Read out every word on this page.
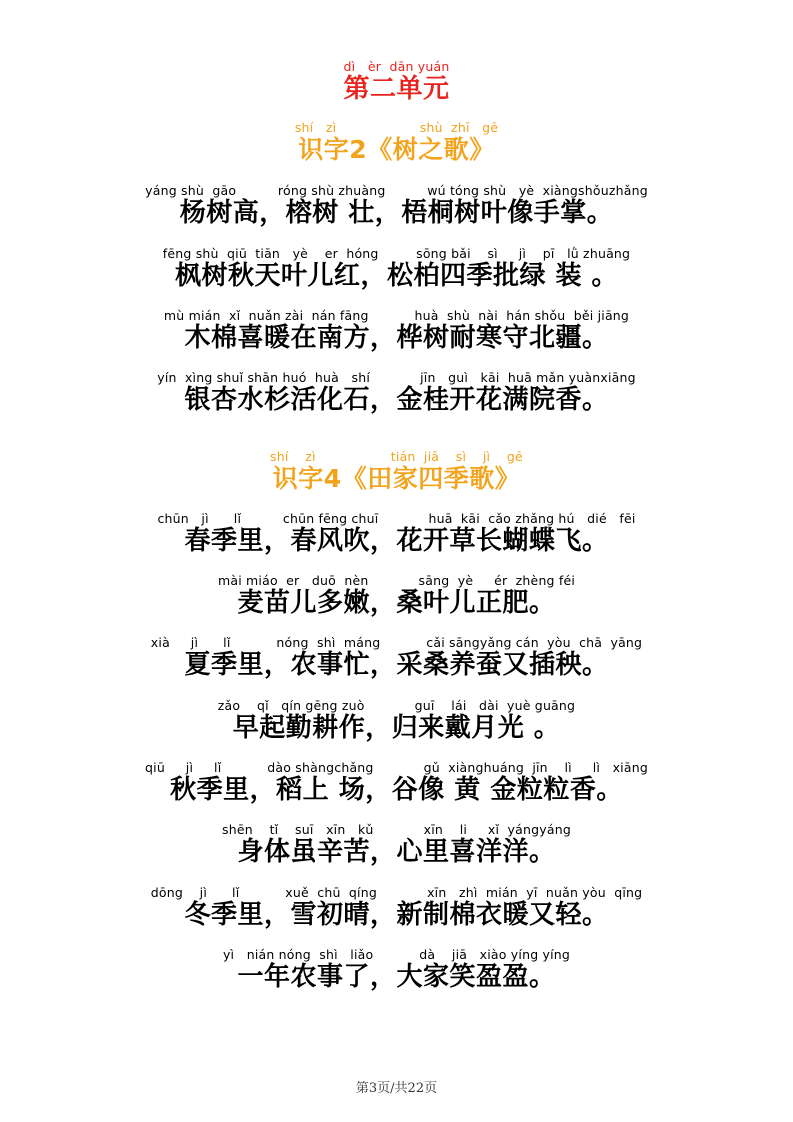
dì   èr  dān yuán
第二单元
shí   zì                    shù  zhī   gē
识字2《树之歌》
yáng shù  gāo          róng shù zhuàng          wú tóng shù   yè  xiàngshǒuzhǎng
杨树高，榕树 壮，梧桐树叶像手掌。
fēng shù  qiū  tiān   yè    er  hóng         sōng bǎi    sì     jì    pī   lǜ zhuāng
枫树秋天叶儿红，松柏四季批绿 装 。
mù mián  xǐ  nuǎn zài  nán fāng           huà  shù  nài  hán shǒu  běi jiāng
木棉喜暖在南方，桦树耐寒守北疆。
yín  xìng shuǐ shān huó  huà   shí            jīn   guì   kāi  huā mǎn yuànxiāng
银杏水杉活化石，金桂开花满院香。
shí    zì                  tián  jiā    sì    jì    gē
识字4《田家四季歌》
chūn   jì      lǐ          chūn fēng chuī            huā  kāi  cǎo zhǎng hú   dié   fēi
春季里，春风吹，花开草长蝴蝶飞。
mài miáo  er   duō  nèn            sāng  yè     ér  zhèng féi
麦苗儿多嫩，桑叶儿正肥。
xià     jì      lǐ           nóng  shì  máng           cǎi sāngyǎng cán  yòu  chā  yāng
夏季里，农事忙，采桑养蚕又插秧。
zǎo    qǐ   qín gēng zuò            guī    lái   dài  yuè guāng
早起勤耕作，归来戴月光 。
qiū     jì     lǐ           dào shàngchǎng            gǔ  xiànghuáng  jīn    lì     lì   xiāng
秋季里，稻上 场，谷像 黄 金粒粒香。
shēn    tǐ    suī   xīn   kǔ            xīn    li     xǐ  yángyáng
身体虽辛苦，心里喜洋洋。
dōng    jì      lǐ           xuě  chū  qíng            xīn   zhì  mián  yī  nuǎn yòu  qīng
冬季里，雪初晴，新制棉衣暖又轻。
yì   nián nóng  shì   liǎo           dà    jiā   xiào yíng yíng
一年农事了，大家笑盈盈。
第3页/共22页
